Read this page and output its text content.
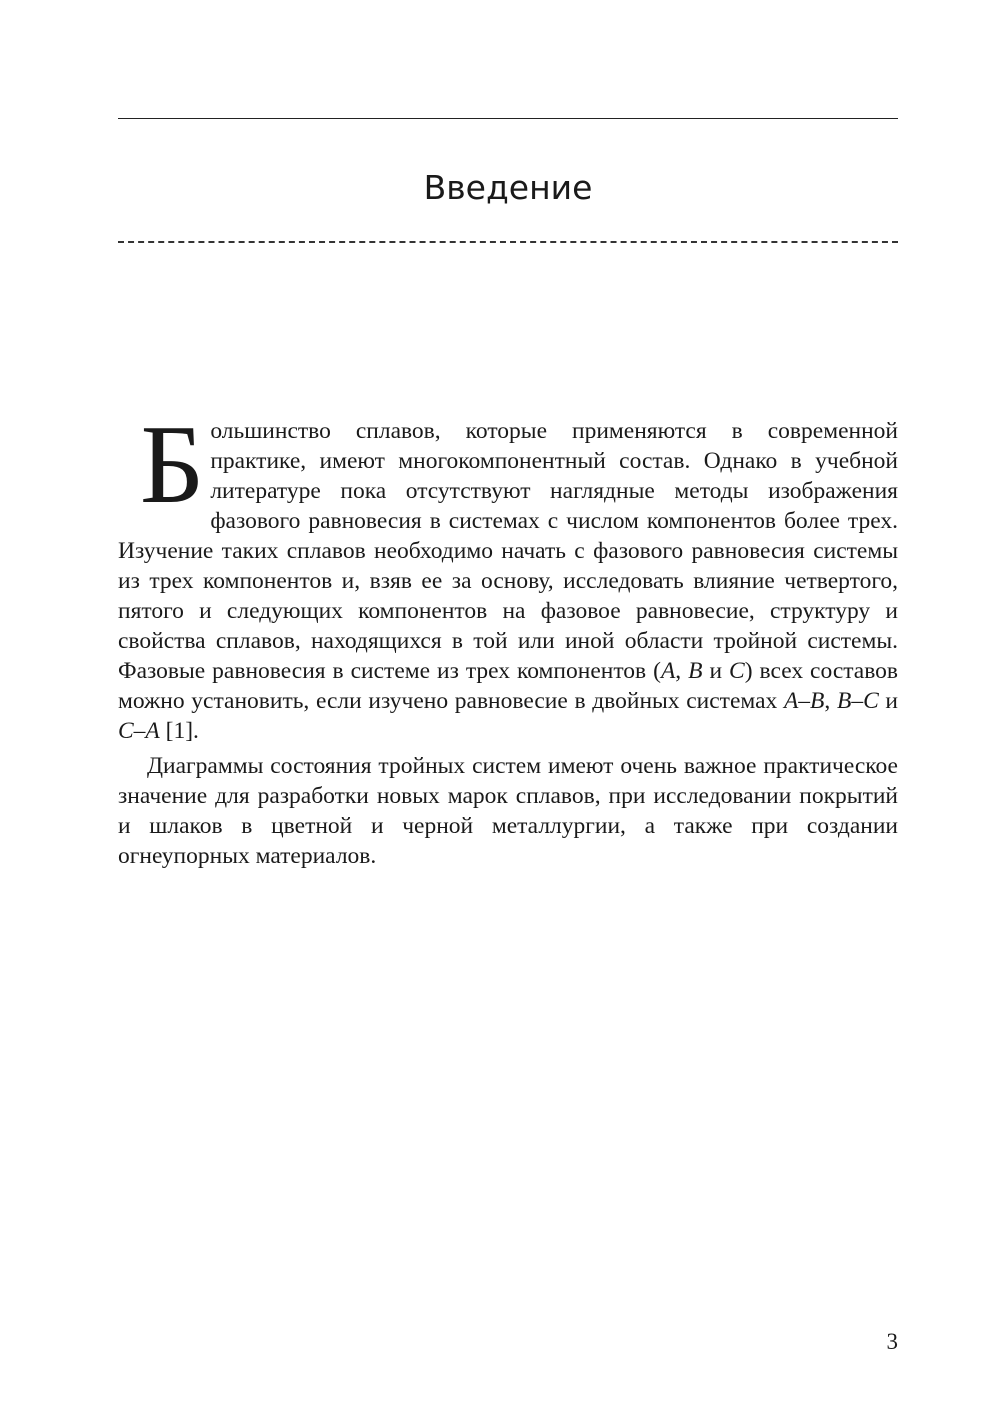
Введение

Большинство сплавов, которые применяются в современной практике, имеют многокомпонентный состав. Однако в учебной литературе пока отсутствуют наглядные методы изображения фазового равновесия в системах с числом компонентов более трех. Изучение таких сплавов необходимо начать с фазового равновесия системы из трех компонентов и, взяв ее за основу, исследовать влияние четвертого, пятого и следующих компонентов на фазовое равновесие, структуру и свойства сплавов, находящихся в той или иной области тройной системы. Фазовые равновесия в системе из трех компонентов (A, B и C) всех составов можно установить, если изучено равновесие в двойных системах A–B, B–C и C–A [1].

Диаграммы состояния тройных систем имеют очень важное практическое значение для разработки новых марок сплавов, при исследовании покрытий и шлаков в цветной и черной металлургии, а также при создании огнеупорных материалов.

3
